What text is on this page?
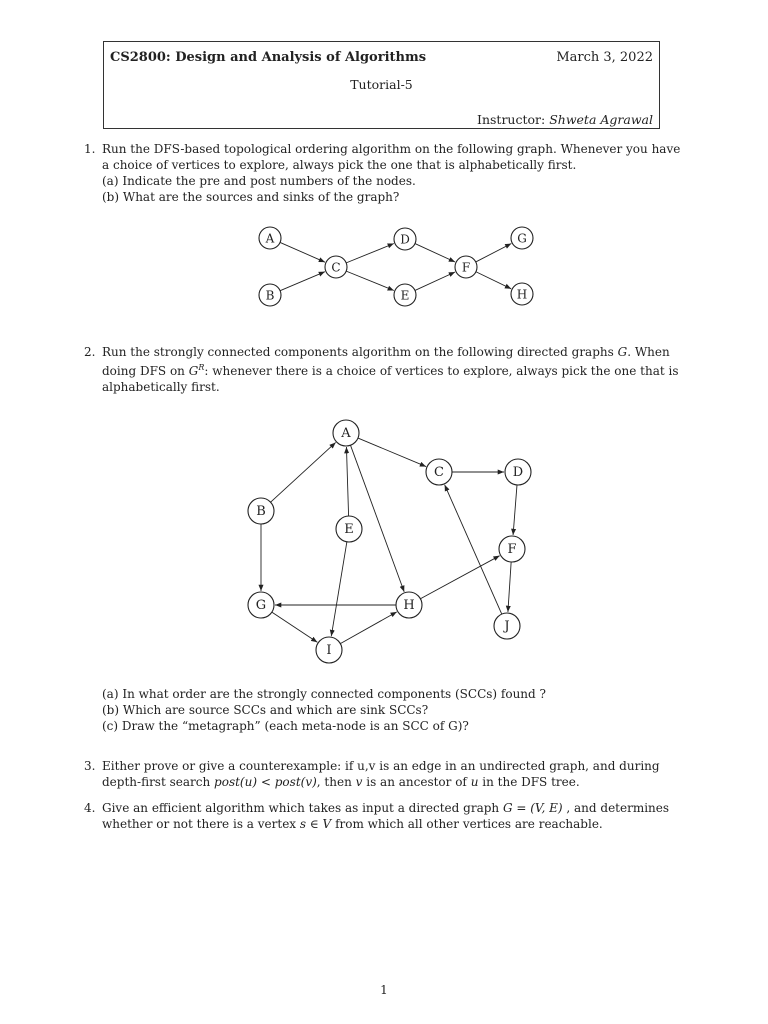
CS2800: Design and Analysis of Algorithms	March 3, 2022
Tutorial-5
Instructor: Shweta Agrawal
1. Run the DFS-based topological ordering algorithm on the following graph. Whenever you have a choice of vertices to explore, always pick the one that is alphabetically first.
(a) Indicate the pre and post numbers of the nodes.
(b) What are the sources and sinks of the graph?
A
B
C
D
E
F
G
H
2. Run the strongly connected components algorithm on the following directed graphs G. When doing DFS on $G^R$: whenever there is a choice of vertices to explore, always pick the one that is alphabetically first.
A
B
C	D
E
F
G	H
I
J
(a) In what order are the strongly connected components (SCCs) found ?
(b) Which are source SCCs and which are sink SCCs?
(c) Draw the “metagraph” (each meta-node is an SCC of G)?
3. Either prove or give a counterexample: if u,v is an edge in an undirected graph, and during depth-first search post(u) < post(v), then v is an ancestor of u in the DFS tree.
4. Give an efficient algorithm which takes as input a directed graph G = (V, E) , and determines whether or not there is a vertex s ∈ V from which all other vertices are reachable.
1
